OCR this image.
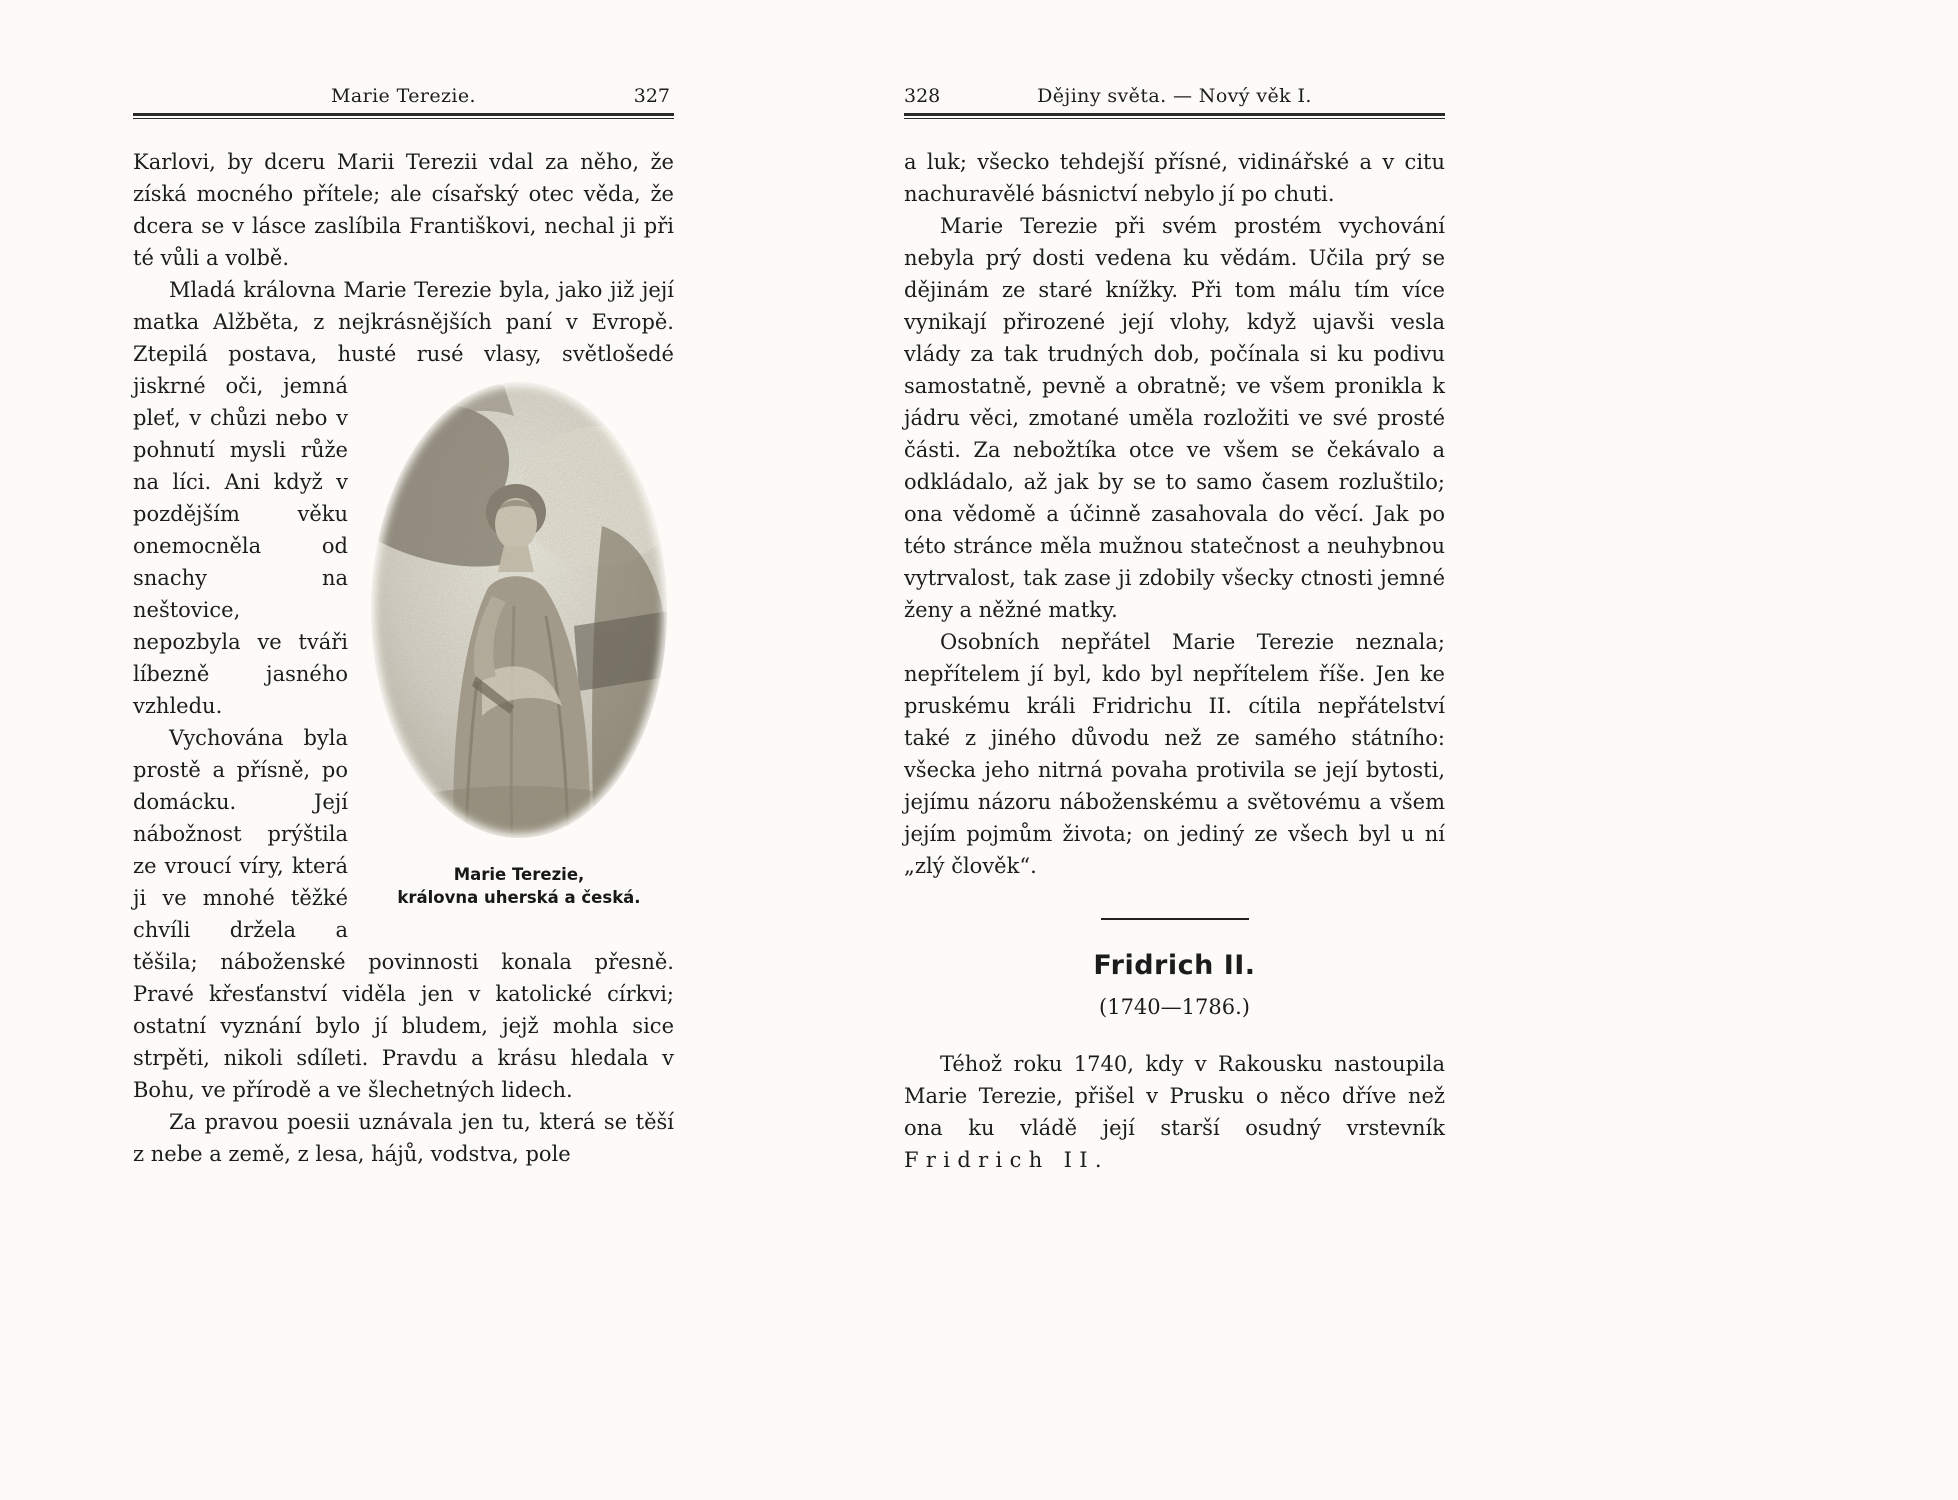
Marie Terezie.	327

Karlovi, by dceru Marii Terezii vdal za něho, že získá mocného přítele; ale císařský otec věda, že dcera se v lásce zaslíbila Františkovi, nechal ji při té vůli a volbě.

Mladá královna Marie Terezie byla, jako již její matka Alžběta, z nejkrásnějších paní v Evropě. Ztepilá postava, husté rusé vlasy, světlošedé
Marie Terezie,
královna uherská a česká.
jiskrné oči, jemná pleť, v chůzi nebo v pohnutí mysli růže na líci. Ani když v pozdějším věku onemocněla od snachy na neštovice, nepozbyla ve tváři líbezně jasného vzhledu.

Vychována byla prostě a přísně, po domácku. Její nábožnost prýštila ze vroucí víry, která ji ve mnohé těžké chvíli držela a těšila; náboženské povinnosti konala přesně. Pravé křesťanství viděla jen v katolické církvi; ostatní vyznání bylo jí bludem, jejž mohla sice strpěti, nikoli sdíleti. Pravdu a krásu hledala v Bohu, ve přírodě a ve šlechetných lidech.

Za pravou poesii uznávala jen tu, která se těší z nebe a země, z lesa, hájů, vodstva, pole

328	Dějiny světa. — Nový věk I.

a luk; všecko tehdejší přísné, vidinářské a v citu nachuravělé básnictví nebylo jí po chuti.

Marie Terezie při svém prostém vychování nebyla prý dosti vedena ku vědám. Učila prý se dějinám ze staré knížky. Při tom málu tím více vynikají přirozené její vlohy, když ujavši vesla vlády za tak trudných dob, počínala si ku podivu samostatně, pevně a obratně; ve všem pronikla k jádru věci, zmotané uměla rozložiti ve své prosté části. Za nebožtíka otce ve všem se čekávalo a odkládalo, až jak by se to samo časem rozluštilo; ona vědomě a účinně zasahovala do věcí. Jak po této stránce měla mužnou statečnost a neuhybnou vytrvalost, tak zase ji zdobily všecky ctnosti jemné ženy a něžné matky.

Osobních nepřátel Marie Terezie neznala; nepřítelem jí byl, kdo byl nepřítelem říše. Jen ke pruskému králi Fridrichu II. cítila nepřátelství také z jiného důvodu než ze samého státního: všecka jeho nitrná povaha protivila se její bytosti, jejímu názoru náboženskému a světovému a všem jejím pojmům života; on jediný ze všech byl u ní „zlý člověk“.

Fridrich II.
(1740—1786.)

Téhož roku 1740, kdy v Rakousku nastoupila Marie Terezie, přišel v Prusku o něco dříve než ona ku vládě její starší osudný vrstevník Fridrich II.
